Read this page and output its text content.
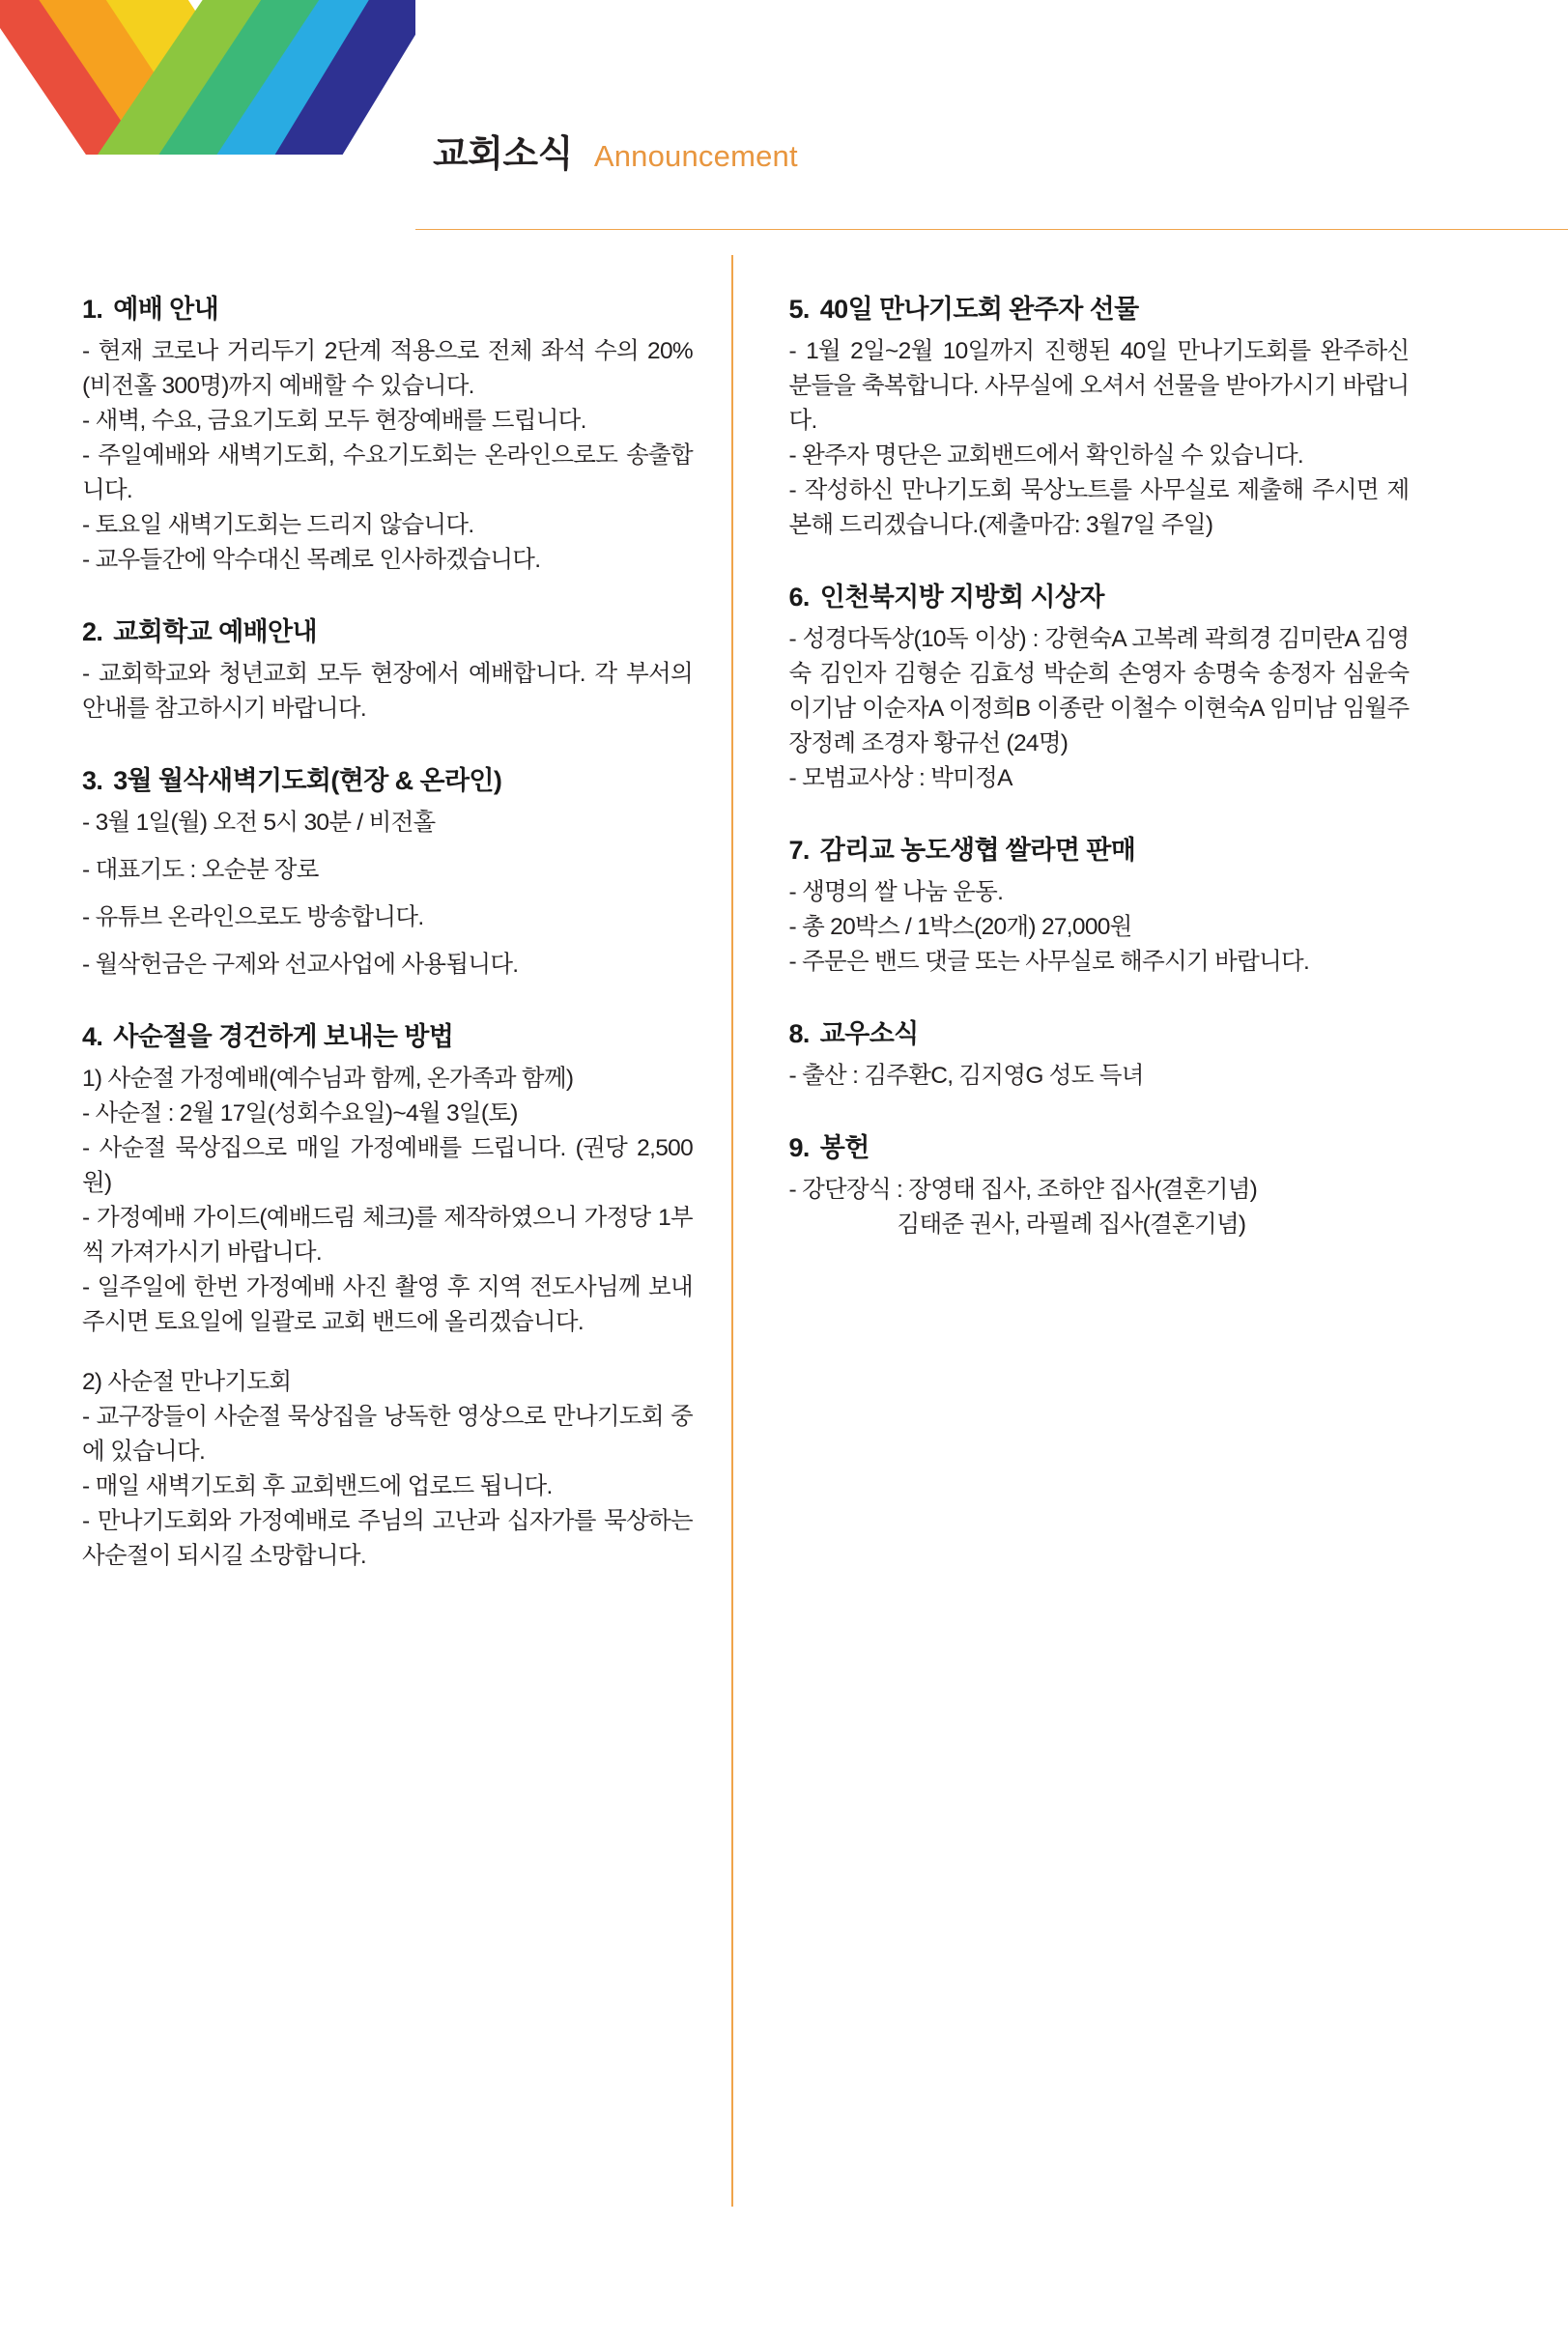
교회소식 Announcement
1. 예배 안내

- 현재 코로나 거리두기 2단계 적용으로 전체 좌석 수의 20% (비전홀 300명)까지 예배할 수 있습니다.

- 새벽, 수요, 금요기도회 모두 현장예배를 드립니다.

- 주일예배와 새벽기도회, 수요기도회는 온라인으로도 송출합니다.

- 토요일 새벽기도회는 드리지 않습니다.

- 교우들간에 악수대신 목례로 인사하겠습니다.

2. 교회학교 예배안내

- 교회학교와 청년교회 모두 현장에서 예배합니다. 각 부서의 안내를 참고하시기 바랍니다.

3. 3월 월삭새벽기도회(현장 & 온라인)

- 3월 1일(월) 오전 5시 30분 / 비전홀

- 대표기도 : 오순분 장로

- 유튜브 온라인으로도 방송합니다.

- 월삭헌금은 구제와 선교사업에 사용됩니다.

4. 사순절을 경건하게 보내는 방법

1) 사순절 가정예배(예수님과 함께, 온가족과 함께)

- 사순절 : 2월 17일(성회수요일)~4월 3일(토)

- 사순절 묵상집으로 매일 가정예배를 드립니다. (권당 2,500원)

- 가정예배 가이드(예배드림 체크)를 제작하였으니 가정당 1부씩 가져가시기 바랍니다.

- 일주일에 한번 가정예배 사진 촬영 후 지역 전도사님께 보내주시면 토요일에 일괄로 교회 밴드에 올리겠습니다.

2) 사순절 만나기도회

- 교구장들이 사순절 묵상집을 낭독한 영상으로 만나기도회 중에 있습니다.

- 매일 새벽기도회 후 교회밴드에 업로드 됩니다.

- 만나기도회와 가정예배로 주님의 고난과 십자가를 묵상하는 사순절이 되시길 소망합니다.

5. 40일 만나기도회 완주자 선물

- 1월 2일~2월 10일까지 진행된 40일 만나기도회를 완주하신 분들을 축복합니다. 사무실에 오셔서 선물을 받아가시기 바랍니다.

- 완주자 명단은 교회밴드에서 확인하실 수 있습니다.

- 작성하신 만나기도회 묵상노트를 사무실로 제출해 주시면 제본해 드리겠습니다.(제출마감: 3월7일 주일)

6. 인천북지방 지방회 시상자

- 성경다독상(10독 이상) : 강현숙A 고복례 곽희경 김미란A 김영숙 김인자 김형순 김효성 박순희 손영자 송명숙 송정자 심윤숙 이기남 이순자A 이정희B 이종란 이철수 이현숙A 임미남 임월주 장정례 조경자 황규선 (24명)

- 모범교사상 : 박미정A

7. 감리교 농도생협 쌀라면 판매

- 생명의 쌀 나눔 운동.

- 총 20박스 / 1박스(20개) 27,000원

- 주문은 밴드 댓글 또는 사무실로 해주시기 바랍니다.

8. 교우소식

- 출산 : 김주환C, 김지영G 성도 득녀

9. 봉헌

- 강단장식 : 장영태 집사, 조하얀 집사(결혼기념)

김태준 권사, 라필례 집사(결혼기념)
